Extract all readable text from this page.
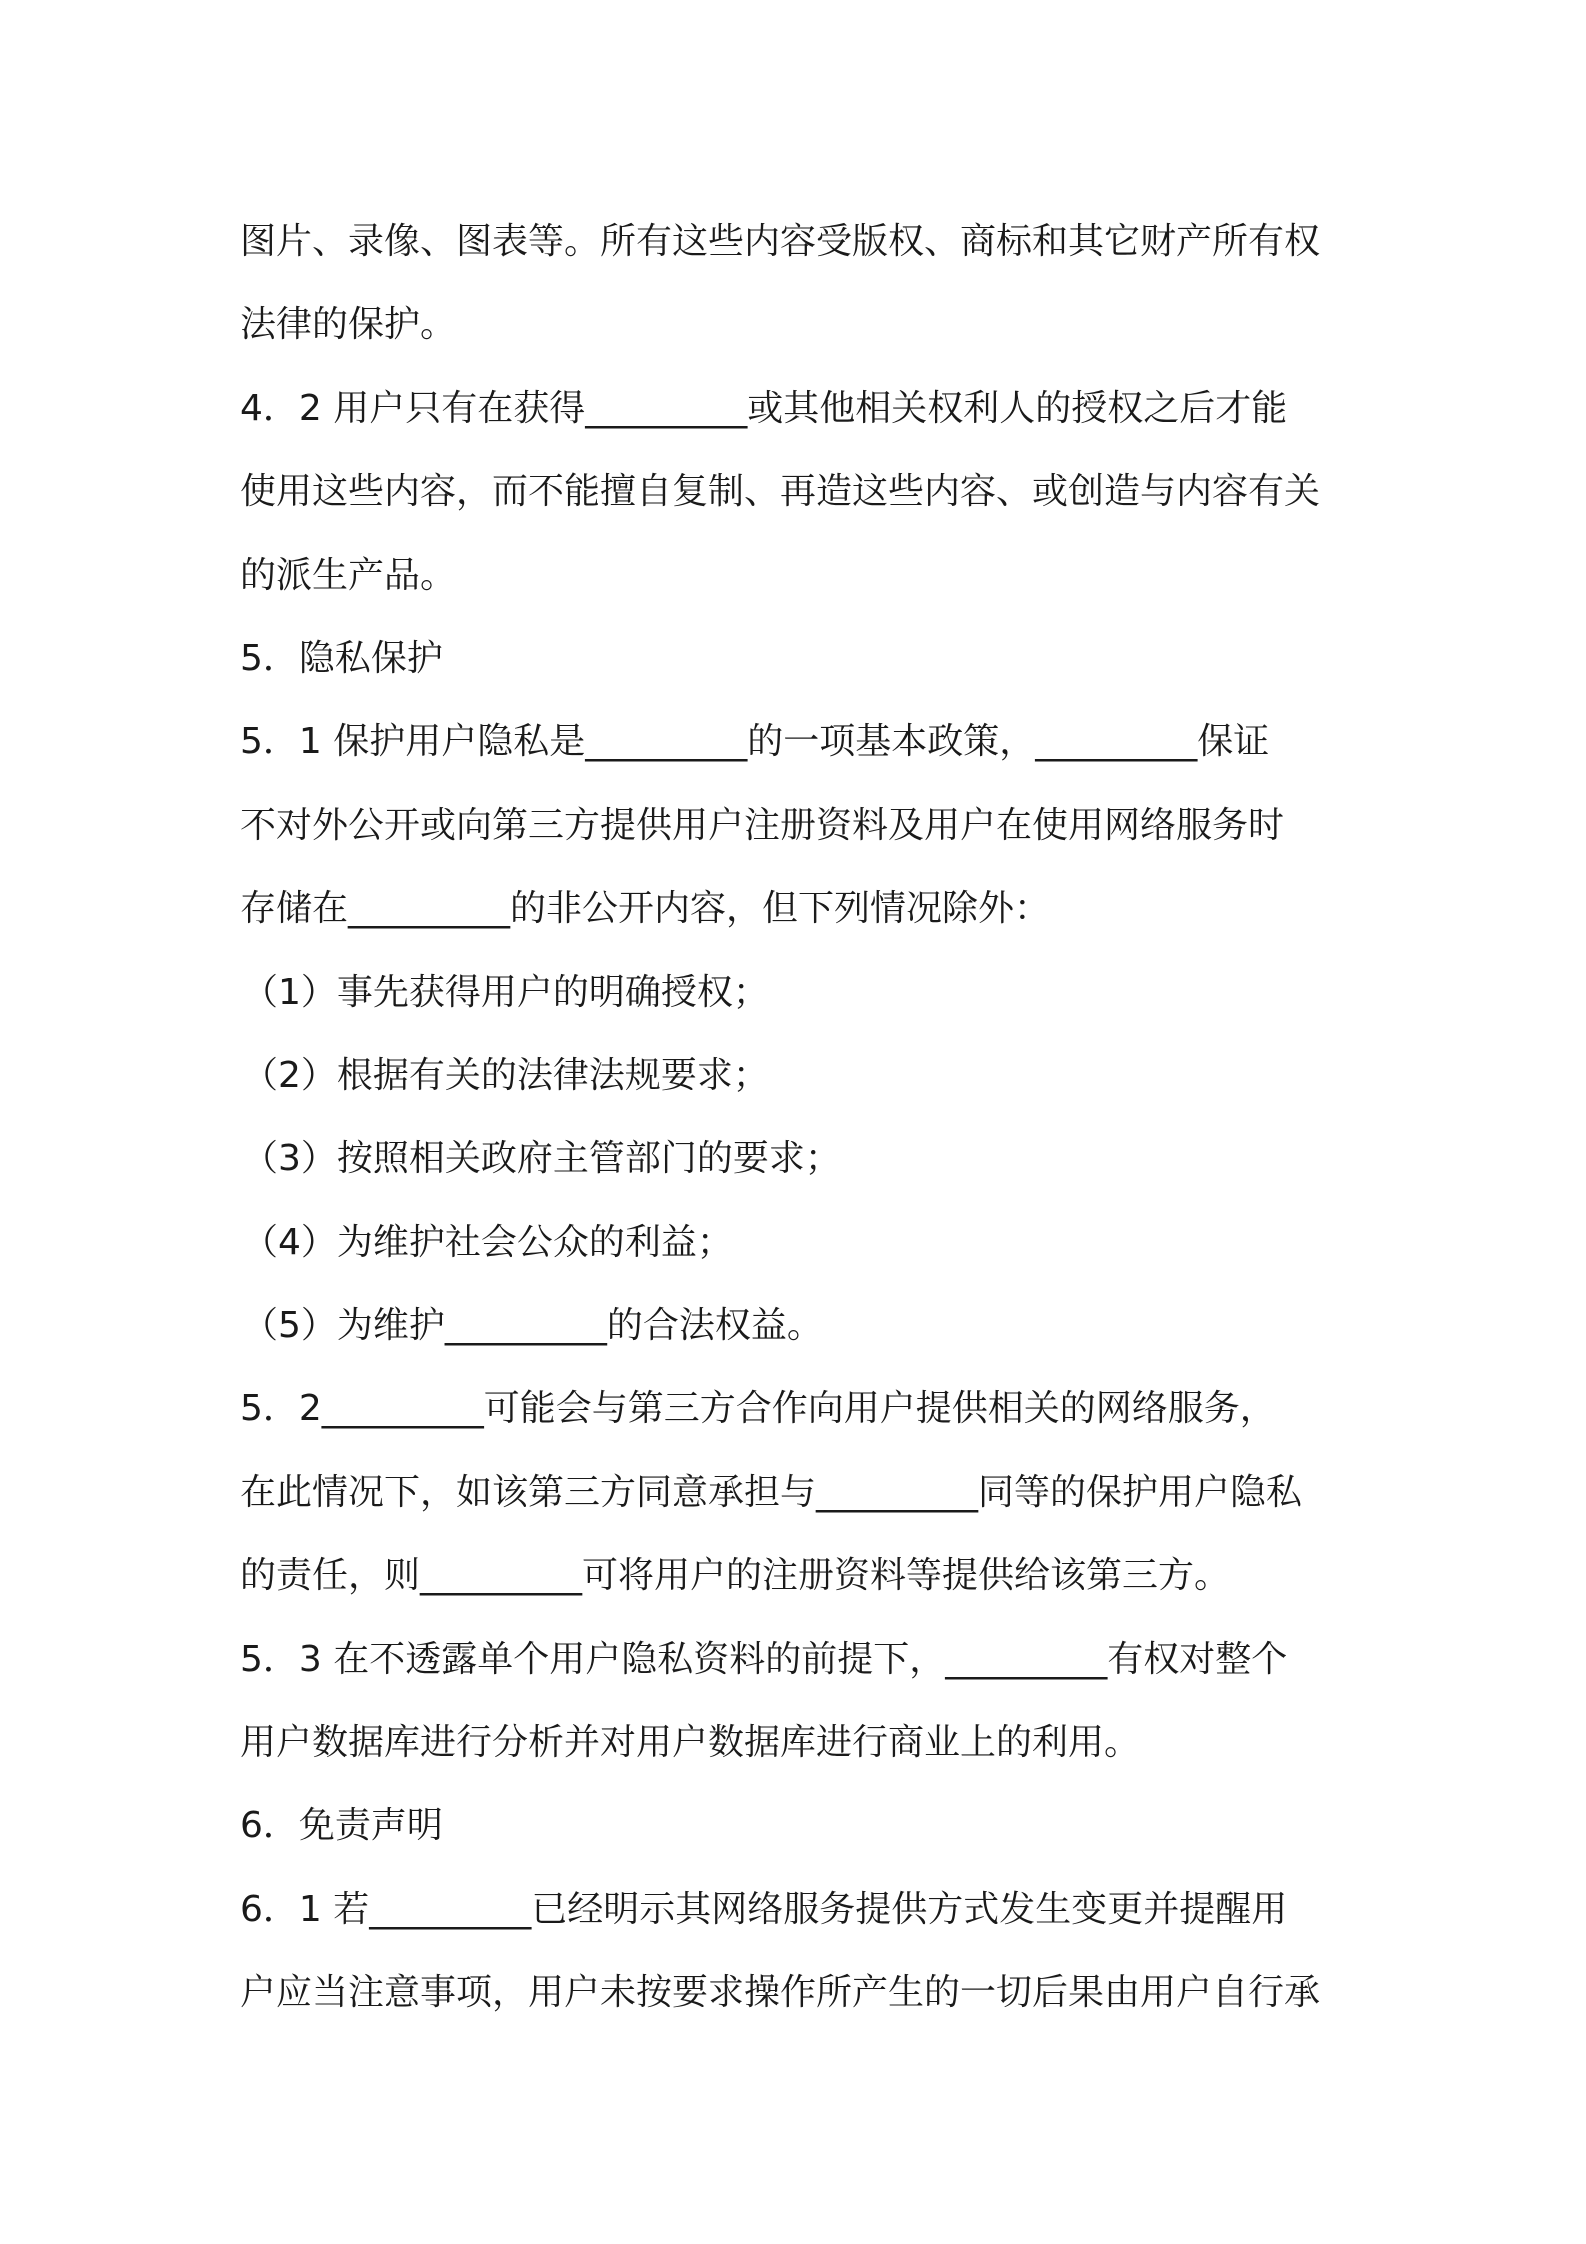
图片、录像、图表等。所有这些内容受版权、商标和其它财产所有权
法律的保护。
4．2 用户只有在获得_________或其他相关权利人的授权之后才能
使用这些内容，而不能擅自复制、再造这些内容、或创造与内容有关
的派生产品。
5．隐私保护
5．1 保护用户隐私是_________的一项基本政策，_________保证
不对外公开或向第三方提供用户注册资料及用户在使用网络服务时
存储在_________的非公开内容，但下列情况除外：
（1）事先获得用户的明确授权；
（2）根据有关的法律法规要求；
（3）按照相关政府主管部门的要求；
（4）为维护社会公众的利益；
（5）为维护_________的合法权益。
5．2_________可能会与第三方合作向用户提供相关的网络服务，
在此情况下，如该第三方同意承担与_________同等的保护用户隐私
的责任，则_________可将用户的注册资料等提供给该第三方。
5．3 在不透露单个用户隐私资料的前提下，_________有权对整个
用户数据库进行分析并对用户数据库进行商业上的利用。
6．免责声明
6．1 若_________已经明示其网络服务提供方式发生变更并提醒用
户应当注意事项，用户未按要求操作所产生的一切后果由用户自行承
